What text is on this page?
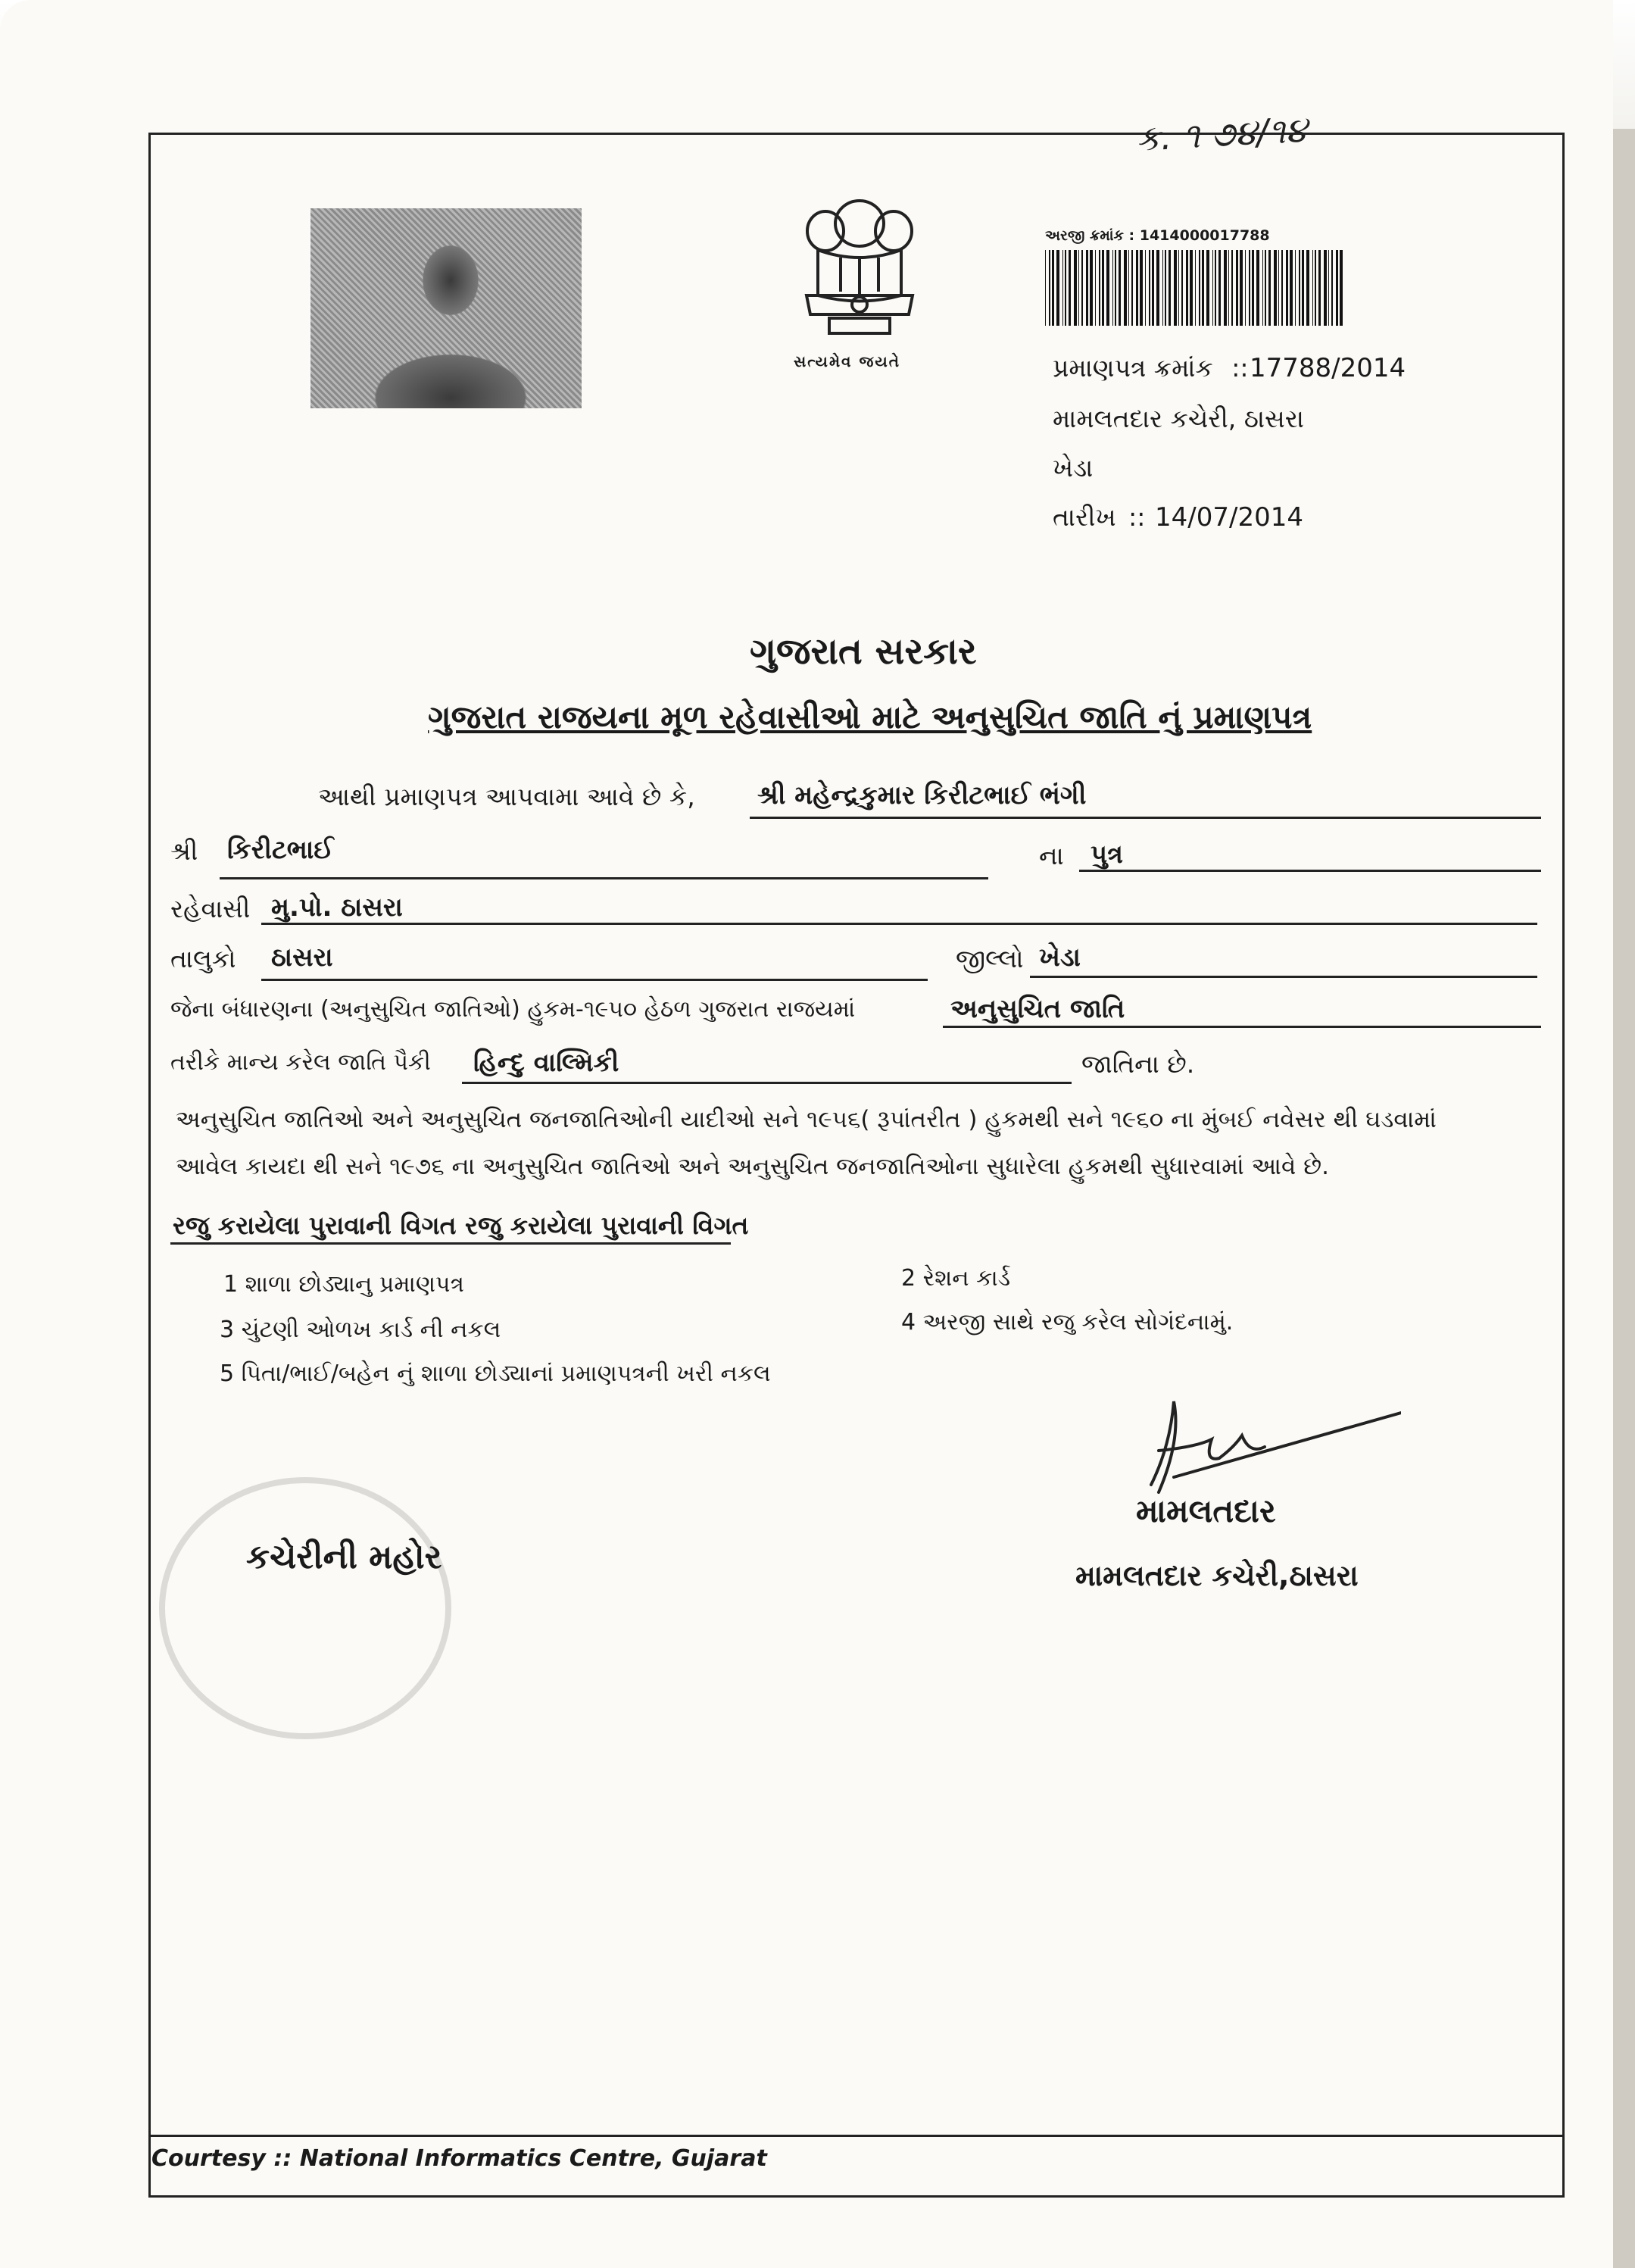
ક. ૧ ૭૪/૧૪
સત્યમેવ જયતે
અરજી ક્રમાંક : 1414000017788
પ્રમાણપત્ર ક્રમાંક :: 17788/2014
મામલતદાર કચેરી, ઠાસરા
ખેડા
તારીખ :: 14/07/2014
ગુજરાત સરકાર
ગુજરાત રાજયના મૂળ રહેવાસીઓ માટે અનુસુચિત જાતિ નું પ્રમાણપત્ર
આથી પ્રમાણપત્ર આપવામા આવે છે કે, શ્રી મહેન્દ્રકુમાર કિરીટભાઈ ભંગી
શ્રી કિરીટભાઈ	ના પુત્ર
રહેવાસી મુ.પો. ઠાસરા
તાલુકો ઠાસરા	જીલ્લો ખેડા
જેના બંધારણના (અનુસુચિત જાતિઓ) હુકમ-૧૯૫૦ હેઠળ ગુજરાત રાજયમાં	અનુસુચિત જાતિ
તરીકે માન્ય કરેલ જાતિ પૈકી હિન્દુ વાલ્મિકી	જાતિના છે.
અનુસુચિત જાતિઓ અને અનુસુચિત જનજાતિઓની યાદીઓ સને ૧૯૫૬( રૂપાંતરીત ) હુકમથી સને ૧૯૬૦ ના મુંબઈ નવેસર થી ઘડવામાં
આવેલ કાયદા થી સને ૧૯૭૬ ના અનુસુચિત જાતિઓ અને અનુસુચિત જનજાતિઓના સુધારેલા હુકમથી સુધારવામાં આવે છે.
રજુ કરાયેલા પુરાવાની વિગત રજુ કરાયેલા પુરાવાની વિગત
1 શાળા છોડ્યાનુ પ્રમાણપત્ર	2 રેશન કાર્ડ
3 ચુંટણી ઓળખ કાર્ડ ની નકલ	4 અરજી સાથે રજુ કરેલ સોગંદનામું.
5 પિતા/ભાઈ/બહેન નું શાળા છોડ્યાનાં પ્રમાણપત્રની ખરી નકલ
કચેરીની મહોર
મામલતદાર
મામલતદાર કચેરી,ઠાસરા
Courtesy :: National Informatics Centre, Gujarat
